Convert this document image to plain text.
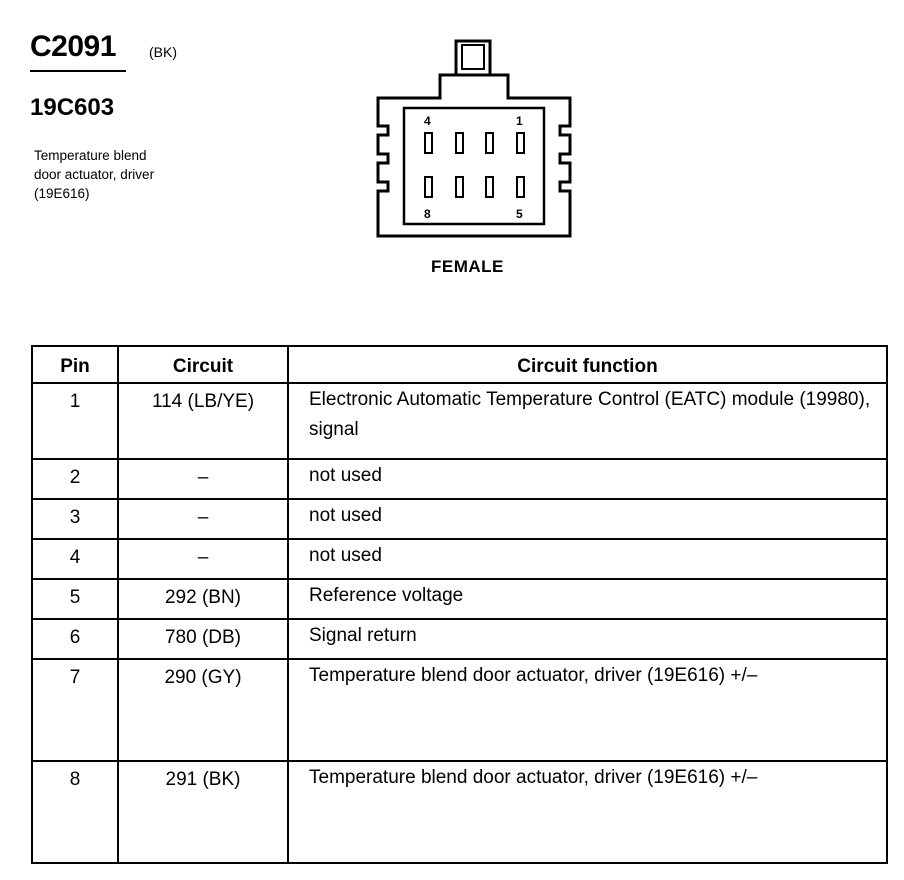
C2091 (BK)
19C603
Temperature blend
door actuator, driver
(19E616)
4	1
8	5
FEMALE
Pin	Circuit	Circuit function
1	114 (LB/YE)	Electronic Automatic Temperature Control (EATC) module (19980), signal
2	–	not used
3	–	not used
4	–	not used
5	292 (BN)	Reference voltage
6	780 (DB)	Signal return
7	290 (GY)	Temperature blend door actuator, driver (19E616) +/–
8	291 (BK)	Temperature blend door actuator, driver (19E616) +/–
